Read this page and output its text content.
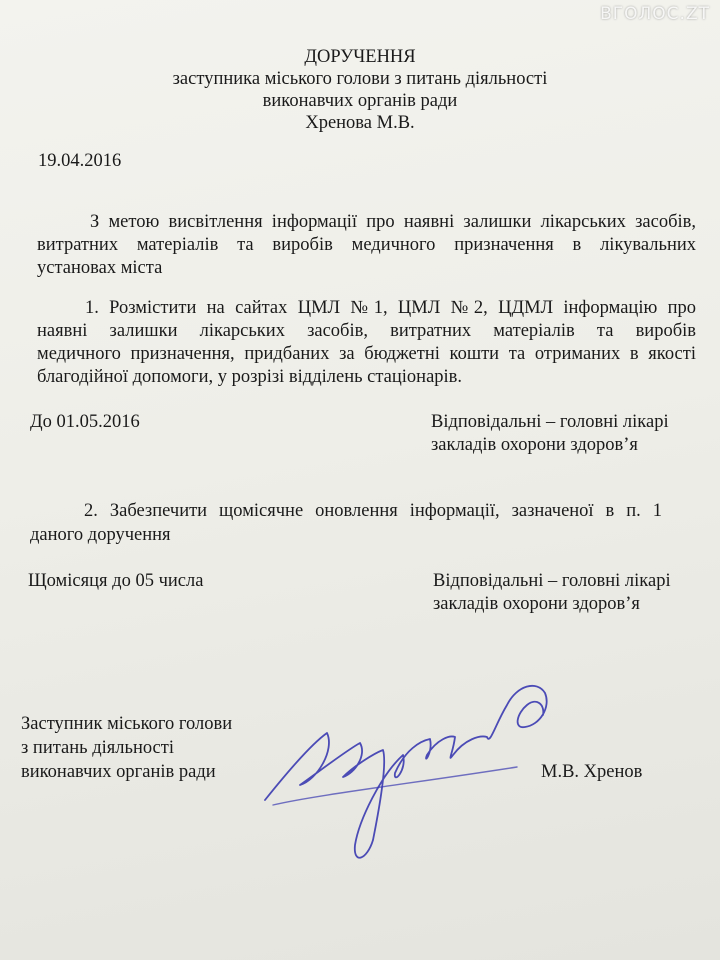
ВГОЛОС.ZT
ДОРУЧЕННЯ
заступника міського голови з питань діяльності
виконавчих органів ради
Хренова М.В.
19.04.2016
З метою висвітлення інформації про наявні залишки лікарських засобів,
витратних матеріалів та виробів медичного призначення в лікувальних
установах міста
1. Розмістити на сайтах ЦМЛ №1, ЦМЛ №2, ЦДМЛ інформацію про
наявні залишки лікарських засобів, витратних матеріалів та виробів
медичного призначення, придбаних за бюджетні кошти та отриманих в якості
благодійної допомоги, у розрізі відділень стаціонарів.
До 01.05.2016	Відповідальні – головні лікарі
закладів охорони здоров’я
2. Забезпечити щомісячне оновлення інформації, зазначеної в п. 1
даного доручення
Щомісяця до 05 числа	Відповідальні – головні лікарі
закладів охорони здоров’я
Заступник міського голови
з питань діяльності
виконавчих органів ради	М.В. Хренов
